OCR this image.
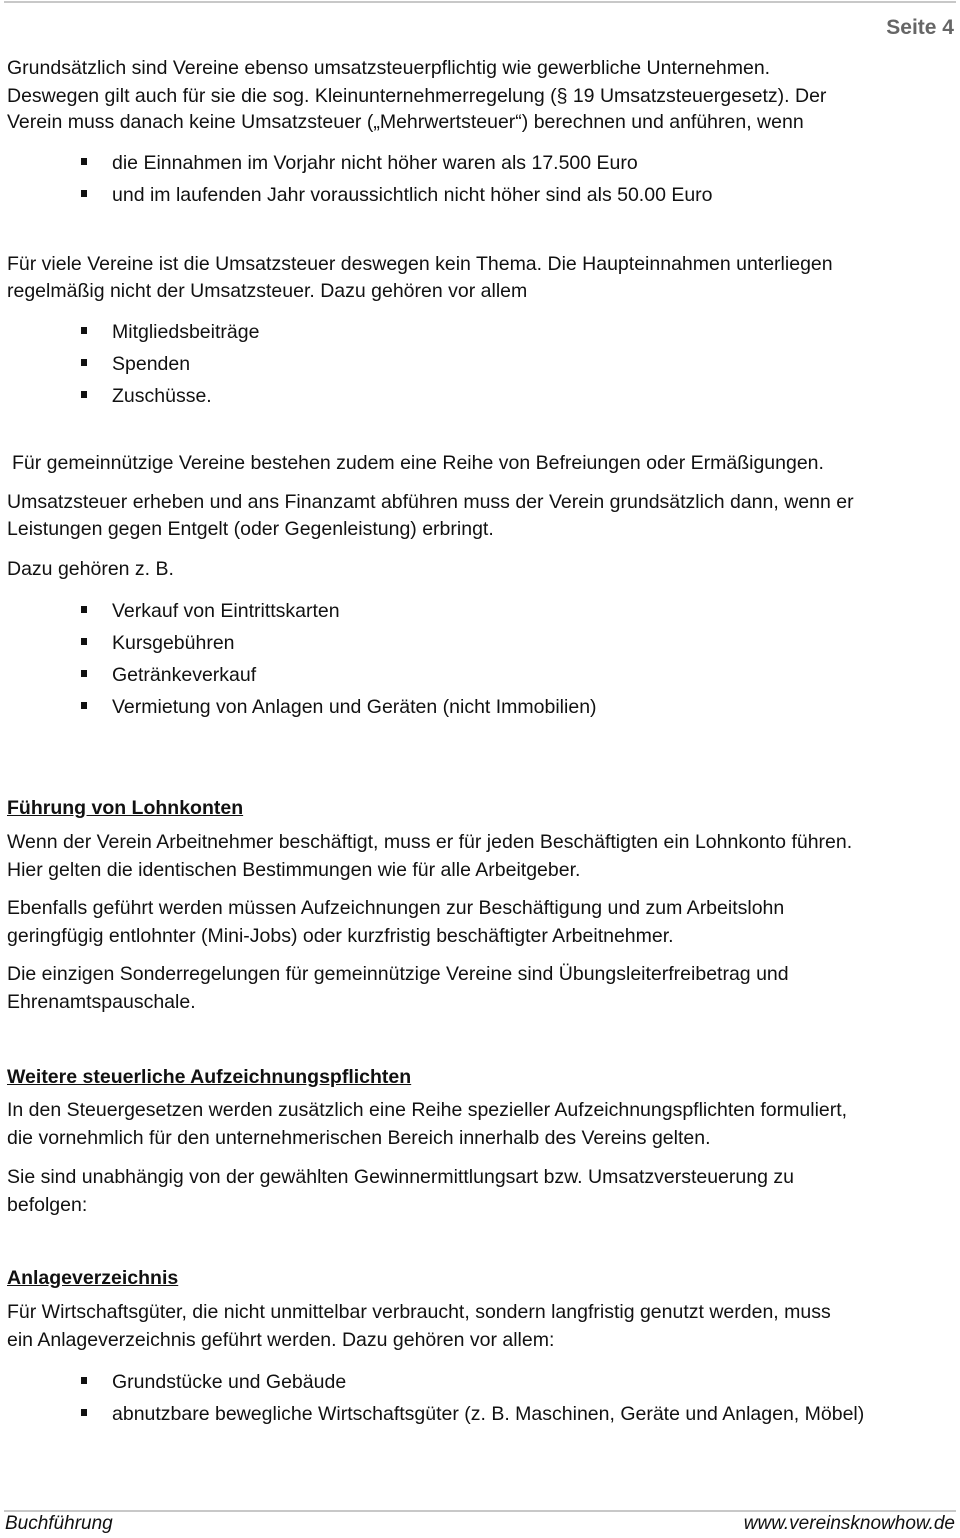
Seite 4
Grundsätzlich sind Vereine ebenso umsatzsteuerpflichtig wie gewerbliche Unternehmen.
Deswegen gilt auch für sie die sog. Kleinunternehmerregelung (§ 19 Umsatzsteuergesetz). Der
Verein muss danach keine Umsatzsteuer („Mehrwertsteuer“) berechnen und anführen, wenn
die Einnahmen im Vorjahr nicht höher waren als 17.500 Euro
und im laufenden Jahr voraussichtlich nicht höher sind als 50.00 Euro
Für viele Vereine ist die Umsatzsteuer deswegen kein Thema. Die Haupteinnahmen unterliegen
regelmäßig nicht der Umsatzsteuer. Dazu gehören vor allem
Mitgliedsbeiträge
Spenden
Zuschüsse.
Für gemeinnützige Vereine bestehen zudem eine Reihe von Befreiungen oder Ermäßigungen.
Umsatzsteuer erheben und ans Finanzamt abführen muss der Verein grundsätzlich dann, wenn er
Leistungen gegen Entgelt (oder Gegenleistung) erbringt.
Dazu gehören z. B.
Verkauf von Eintrittskarten
Kursgebühren
Getränkeverkauf
Vermietung von Anlagen und Geräten (nicht Immobilien)
Führung von Lohnkonten
Wenn der Verein Arbeitnehmer beschäftigt, muss er für jeden Beschäftigten ein Lohnkonto führen.
Hier gelten die identischen Bestimmungen wie für alle Arbeitgeber.
Ebenfalls geführt werden müssen Aufzeichnungen zur Beschäftigung und zum Arbeitslohn
geringfügig entlohnter (Mini-Jobs) oder kurzfristig beschäftigter Arbeitnehmer.
Die einzigen Sonderregelungen für gemeinnützige Vereine sind Übungsleiterfreibetrag und
Ehrenamtspauschale.
Weitere steuerliche Aufzeichnungspflichten
In den Steuergesetzen werden zusätzlich eine Reihe spezieller Aufzeichnungspflichten formuliert,
die vornehmlich für den unternehmerischen Bereich innerhalb des Vereins gelten.
Sie sind unabhängig von der gewählten Gewinnermittlungsart bzw. Umsatzversteuerung zu
befolgen:
Anlageverzeichnis
Für Wirtschaftsgüter, die nicht unmittelbar verbraucht, sondern langfristig genutzt werden, muss
ein Anlageverzeichnis geführt werden. Dazu gehören vor allem:
Grundstücke und Gebäude
abnutzbare bewegliche Wirtschaftsgüter (z. B. Maschinen, Geräte und Anlagen, Möbel)
Buchführung	www.vereinsknowhow.de
